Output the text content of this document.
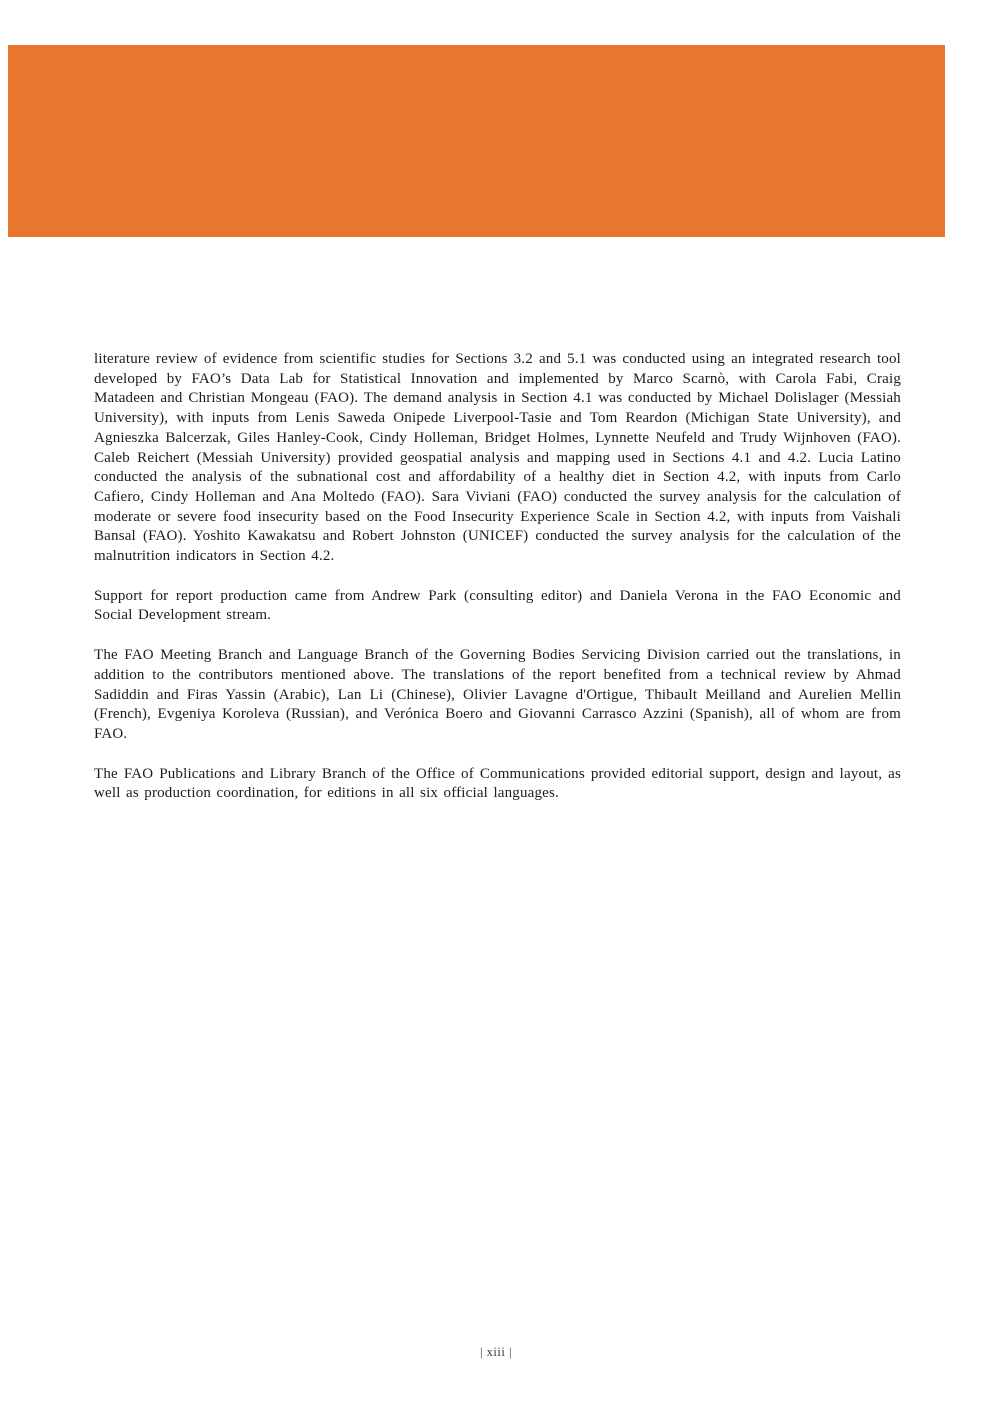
literature review of evidence from scientific studies for Sections 3.2 and 5.1 was conducted using an integrated research tool developed by FAO’s Data Lab for Statistical Innovation and implemented by Marco Scarnò, with Carola Fabi, Craig Matadeen and Christian Mongeau (FAO). The demand analysis in Section 4.1 was conducted by Michael Dolislager (Messiah University), with inputs from Lenis Saweda Onipede Liverpool-Tasie and Tom Reardon (Michigan State University), and Agnieszka Balcerzak, Giles Hanley-Cook, Cindy Holleman, Bridget Holmes, Lynnette Neufeld and Trudy Wijnhoven (FAO). Caleb Reichert (Messiah University) provided geospatial analysis and mapping used in Sections 4.1 and 4.2. Lucia Latino conducted the analysis of the subnational cost and affordability of a healthy diet in Section 4.2, with inputs from Carlo Cafiero, Cindy Holleman and Ana Moltedo (FAO). Sara Viviani (FAO) conducted the survey analysis for the calculation of moderate or severe food insecurity based on the Food Insecurity Experience Scale in Section 4.2, with inputs from Vaishali Bansal (FAO). Yoshito Kawakatsu and Robert Johnston (UNICEF) conducted the survey analysis for the calculation of the malnutrition indicators in Section 4.2.

Support for report production came from Andrew Park (consulting editor) and Daniela Verona in the FAO Economic and Social Development stream.

The FAO Meeting Branch and Language Branch of the Governing Bodies Servicing Division carried out the translations, in addition to the contributors mentioned above. The translations of the report benefited from a technical review by Ahmad Sadiddin and Firas Yassin (Arabic), Lan Li (Chinese), Olivier Lavagne d'Ortigue, Thibault Meilland and Aurelien Mellin (French), Evgeniya Koroleva (Russian), and Verónica Boero and Giovanni Carrasco Azzini (Spanish), all of whom are from FAO.

The FAO Publications and Library Branch of the Office of Communications provided editorial support, design and layout, as well as production coordination, for editions in all six official languages.

| xiii |
